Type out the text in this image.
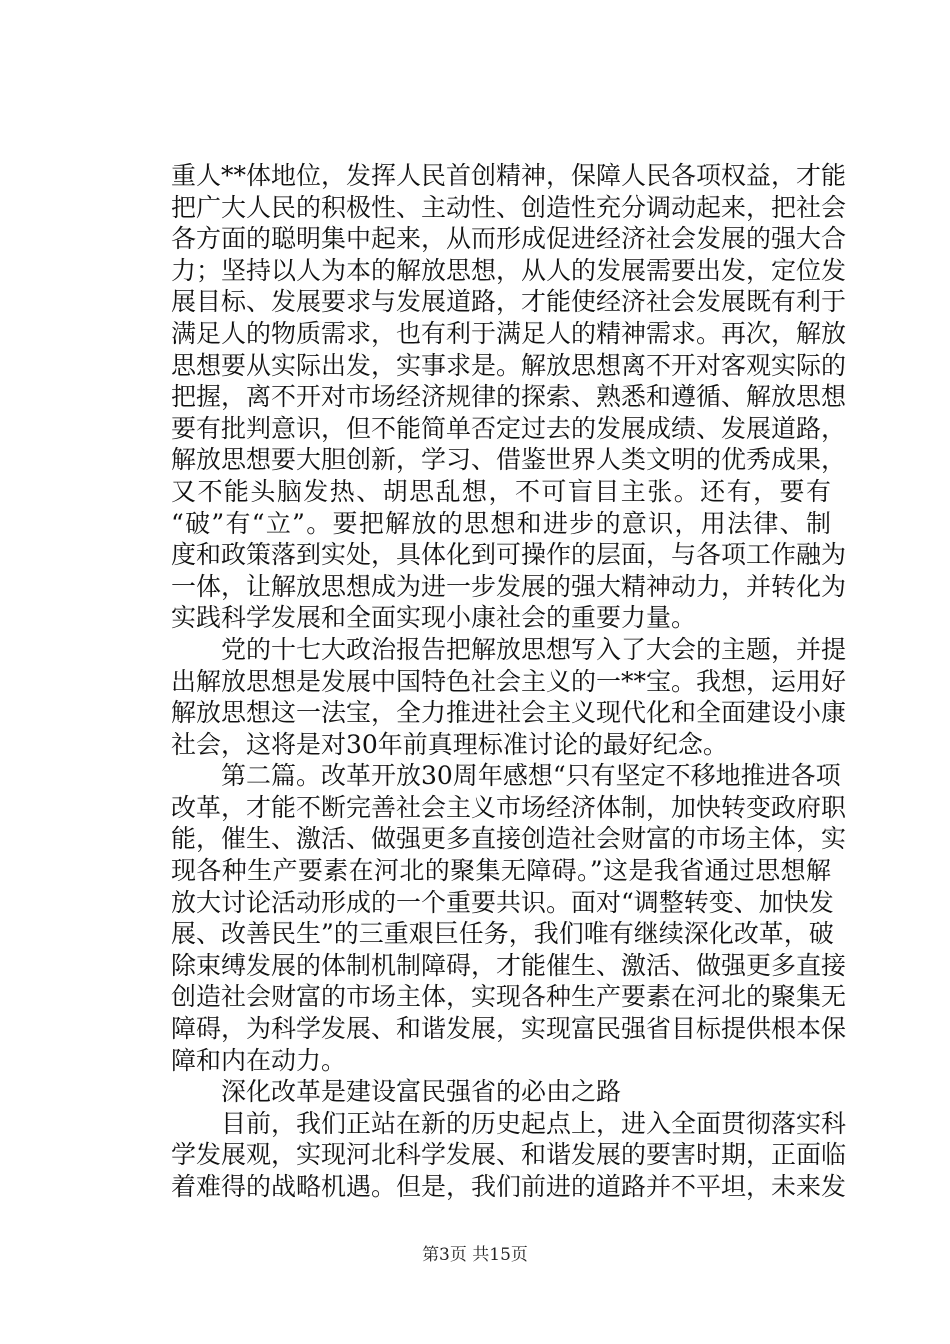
重人**体地位，发挥人民首创精神，保障人民各项权益，才能
把广大人民的积极性、主动性、创造性充分调动起来，把社会
各方面的聪明集中起来，从而形成促进经济社会发展的强大合
力；坚持以人为本的解放思想，从人的发展需要出发，定位发
展目标、发展要求与发展道路，才能使经济社会发展既有利于
满足人的物质需求，也有利于满足人的精神需求。再次，解放
思想要从实际出发，实事求是。解放思想离不开对客观实际的
把握，离不开对市场经济规律的探索、熟悉和遵循、解放思想
要有批判意识，但不能简单否定过去的发展成绩、发展道路，
解放思想要大胆创新，学习、借鉴世界人类文明的优秀成果，
又不能头脑发热、胡思乱想，不可盲目主张。还有，要有
“破”有“立”。要把解放的思想和进步的意识，用法律、制
度和政策落到实处，具体化到可操作的层面，与各项工作融为
一体，让解放思想成为进一步发展的强大精神动力，并转化为
实践科学发展和全面实现小康社会的重要力量。
　　党的十七大政治报告把解放思想写入了大会的主题，并提
出解放思想是发展中国特色社会主义的一**宝。我想，运用好
解放思想这一法宝，全力推进社会主义现代化和全面建设小康
社会，这将是对30年前真理标准讨论的最好纪念。
　　第二篇。改革开放30周年感想“只有坚定不移地推进各项
改革，才能不断完善社会主义市场经济体制，加快转变政府职
能，催生、激活、做强更多直接创造社会财富的市场主体，实
现各种生产要素在河北的聚集无障碍。”这是我省通过思想解
放大讨论活动形成的一个重要共识。面对“调整转变、加快发
展、改善民生”的三重艰巨任务，我们唯有继续深化改革，破
除束缚发展的体制机制障碍，才能催生、激活、做强更多直接
创造社会财富的市场主体，实现各种生产要素在河北的聚集无
障碍，为科学发展、和谐发展，实现富民强省目标提供根本保
障和内在动力。
　　深化改革是建设富民强省的必由之路
　　目前，我们正站在新的历史起点上，进入全面贯彻落实科
学发展观，实现河北科学发展、和谐发展的要害时期，正面临
着难得的战略机遇。但是，我们前进的道路并不平坦，未来发
第3页 共15页
